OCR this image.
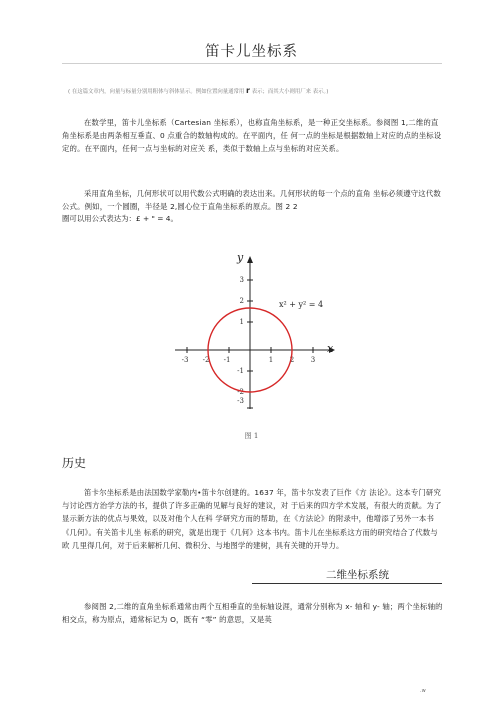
笛卡儿坐标系
( 在这篇文章内，向量与标量分别用粗体与斜体显示。例如位置向量通常用 r 表示；而其大小则用厂来 表示。)
在数学里，笛卡儿坐标系（Cartesian 坐标系），也称直角坐标系，是一种正交坐标系。参阅图 1,二维的直角坐标系是由两条相互垂直、0 点重合的数轴构成的。在平面内，任 何一点的坐标是根据数轴上对应的点的坐标设定的。在平面内，任何一点与坐标的对应关 系，类似于数轴上点与坐标的对应关系。
采用直角坐标，几何形状可以用代数公式明确的表达出来。几何形状的每一个点的直角 坐标必须遵守这代数公式。例如，一个圆圈，半径是 2,圆心位于直角坐标系的原点。图 2 2
圈可以用公式表达为：£ + " = 4。
y
x
-3 -2 -1	1 2 3
3
2
1
-1
-2
-3
x² + y² = 4
图 1
历史
笛卡尔坐标系是由法国数学家勒内•笛卡尔创建的。1637 年，笛卡尔发表了巨作《方 法论》。这本专门研究与讨论西方治学方法的书，提供了许多正确的见解与良好的建议，对 于后来的四方学术发展，有很大的贡献。为了显示新方法的优点与果效，以及对他个人在科 学研究方而的帮助，在《方法论》的附录中，他增添了另外一本书《几何》。有关笛卡儿坐 标系的研究，就是出现于《几何》这本书内。笛卡儿在坐标系这方而的研究结合了代数与欧 几里得几何，对于后来解析几何、微积分、与地图学的建树，具有关键的开导力。
二维坐标系统
参阅图 2,二维的直角坐标系通常由两个互相垂直的坐标轴设涯，通常分别称为 x- 轴和 y- 轴；两个坐标轴的相交点，称为原点，通常标记为 O，既有 “零” 的意思，又是英
.w
